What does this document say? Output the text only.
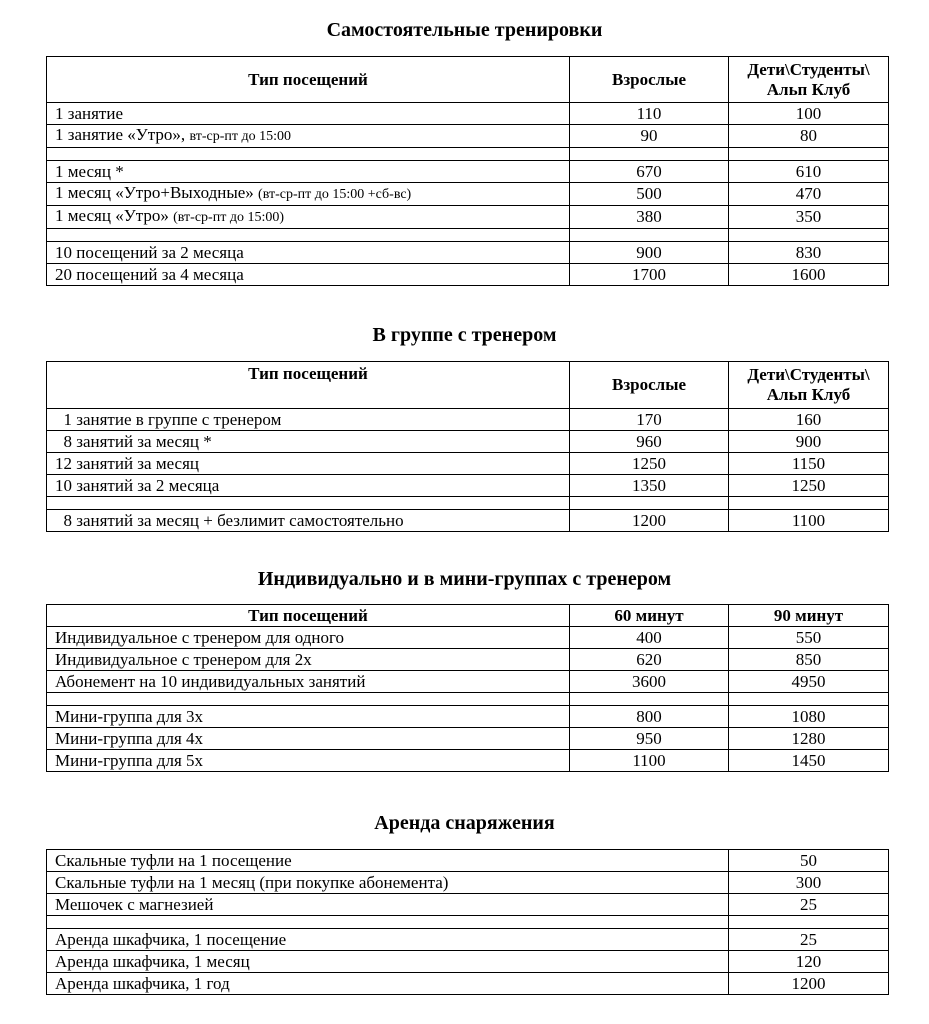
Самостоятельные тренировки
Тип посещений	Взрослые	Дети\Студенты\
Альп Клуб
1 занятие	110	100
1 занятие «Утро», вт-ср-пт до 15:00	90	80

1 месяц *	670	610
1 месяц «Утро+Выходные» (вт-ср-пт до 15:00 +сб-вс)	500	470
1 месяц «Утро» (вт-ср-пт до 15:00)	380	350

10 посещений за 2 месяца	900	830
20 посещений за 4 месяца	1700	1600
В группе с тренером
Тип посещений	Взрослые	Дети\Студенты\
Альп Клуб
1 занятие в группе с тренером	170	160
8 занятий за месяц *	960	900
12 занятий за месяц	1250	1150
10 занятий за 2 месяца	1350	1250

8 занятий за месяц + безлимит самостоятельно	1200	1100
Индивидуально и в мини-группах с тренером
Тип посещений	60 минут	90 минут
Индивидуальное с тренером для одного	400	550
Индивидуальное с тренером для 2х	620	850
Абонемент на 10 индивидуальных занятий	3600	4950

Мини-группа для 3х	800	1080
Мини-группа для 4х	950	1280
Мини-группа для 5х	1100	1450
Аренда снаряжения
Скальные туфли на 1 посещение	50
Скальные туфли на 1 месяц (при покупке абонемента)	300
Мешочек с магнезией	25

Аренда шкафчика, 1 посещение	25
Аренда шкафчика, 1 месяц	120
Аренда шкафчика, 1 год	1200
